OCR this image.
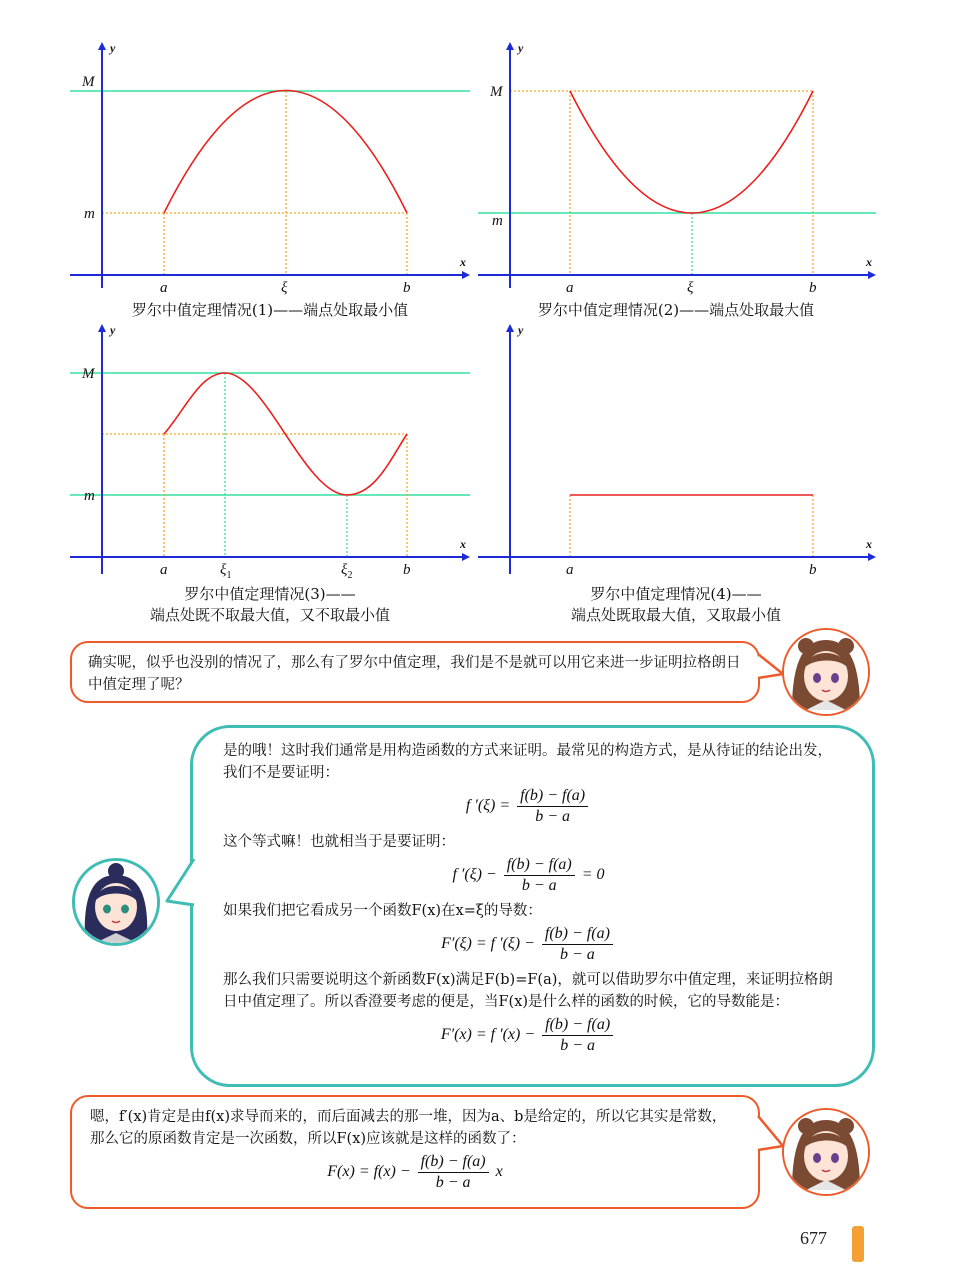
y
x
M
m
a	ξ	b
罗尔中值定理情况(1)——端点处取最小值
y
x
M
m
a	ξ	b
罗尔中值定理情况(2)——端点处取最大值
y
x
M
m
a	$\xi_1$	$\xi_2$	b
罗尔中值定理情况(3)——
端点处既不取最大值，又不取最小值
y
x
a	b
罗尔中值定理情况(4)——
端点处既取最大值，又取最小值

确实呢，似乎也没别的情况了，那么有了罗尔中值定理，我们是不是就可以用它来进一步证明拉格朗日中值定理了呢？

是的哦！这时我们通常是用构造函数的方式来证明。最常见的构造方式，是从待证的结论出发，我们不是要证明：

f $'(\xi) = \frac{f(b) - f(a)}{b - a}$

这个等式嘛！也就相当于是要证明：

f $'(\xi) - \frac{f(b) - f(a)}{b - a} = 0$

如果我们把它看成另一个函数F(x)在x=ξ的导数：

F′(ξ) = f $'(\xi) - \frac{f(b) - f(a)}{b - a}$

那么我们只需要说明这个新函数F(x)满足F(b)=F(a)，就可以借助罗尔中值定理，来证明拉格朗日中值定理了。所以香澄要考虑的便是，当F(x)是什么样的函数的时候，它的导数能是：

F′(x) = f $'(x) - \frac{f(b) - f(a)}{b - a}$

嗯，f′(x)肯定是由f(x)求导而来的，而后面减去的那一堆，因为a、b是给定的，所以它其实是常数，那么它的原函数肯定是一次函数，所以F(x)应该就是这样的函数了：

$F(x) = f(x) - \frac{f(b) - f(a)}{b - a}$ x
677
